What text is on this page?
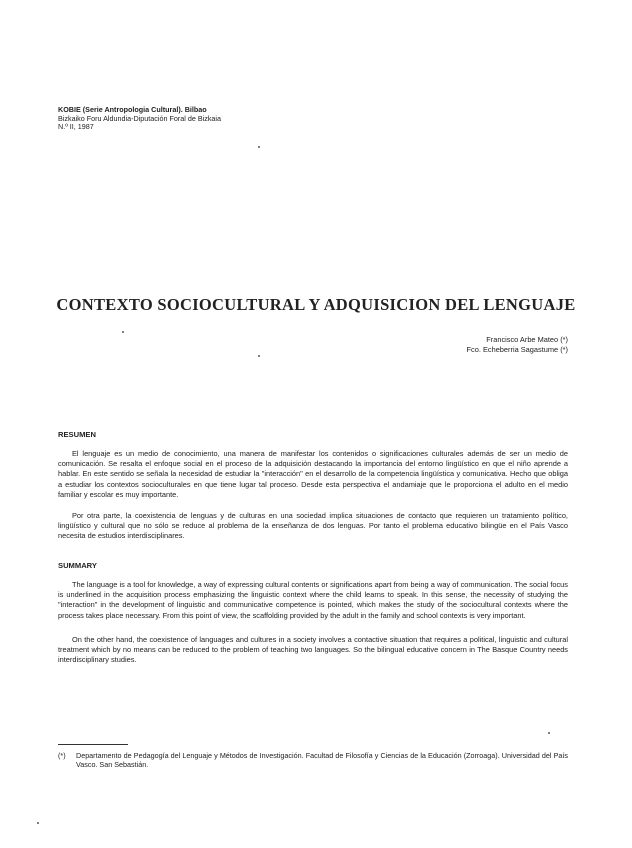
KOBIE (Serie Antropologia Cultural). Bilbao
Bizkaiko Foru Aldundia-Diputación Foral de Bizkaia
N.º II, 1987
CONTEXTO SOCIOCULTURAL Y ADQUISICION DEL LENGUAJE
Francisco Arbe Mateo (*)
Fco. Echeberria Sagastume (*)
RESUMEN
El lenguaje es un medio de conocimiento, una manera de manifestar los contenidos o significaciones culturales además de ser un medio de comunicación. Se resalta el enfoque social en el proceso de la adquisición destacando la importancia del entorno lingüístico en que el niño aprende a hablar. En este sentido se señala la necesidad de estudiar la "interacción" en el desarrollo de la competencia lingüística y comunicativa. Hecho que obliga a estudiar los contextos socioculturales en que tiene lugar tal proceso. Desde esta perspectiva el andamiaje que le proporciona el adulto en el medio familiar y escolar es muy importante.
Por otra parte, la coexistencia de lenguas y de culturas en una sociedad implica situaciones de contacto que requieren un tratamiento político, lingüístico y cultural que no sólo se reduce al problema de la enseñanza de dos lenguas. Por tanto el problema educativo bilingüe en el País Vasco necesita de estudios interdisciplinares.
SUMMARY
The language is a tool for knowledge, a way of expressing cultural contents or significations apart from being a way of communication. The social focus is underlined in the acquisition process emphasizing the linguistic context where the child learns to speak. In this sense, the necessity of studying the "interaction" in the development of linguistic and communicative competence is pointed, which makes the study of the sociocultural contexts where the process takes place necessary. From this point of view, the scaffolding provided by the adult in the family and school contexts is very important.
On the other hand, the coexistence of languages and cultures in a society involves a contactive situation that requires a political, linguistic and cultural treatment which by no means can be reduced to the problem of teaching two languages. So the bilingual educative concern in The Basque Country needs interdisciplinary studies.
(*) Departamento de Pedagogía del Lenguaje y Métodos de Investigación. Facultad de Filosofía y Ciencias de la Educación (Zorroaga). Universidad del País Vasco. San Sebastián.
